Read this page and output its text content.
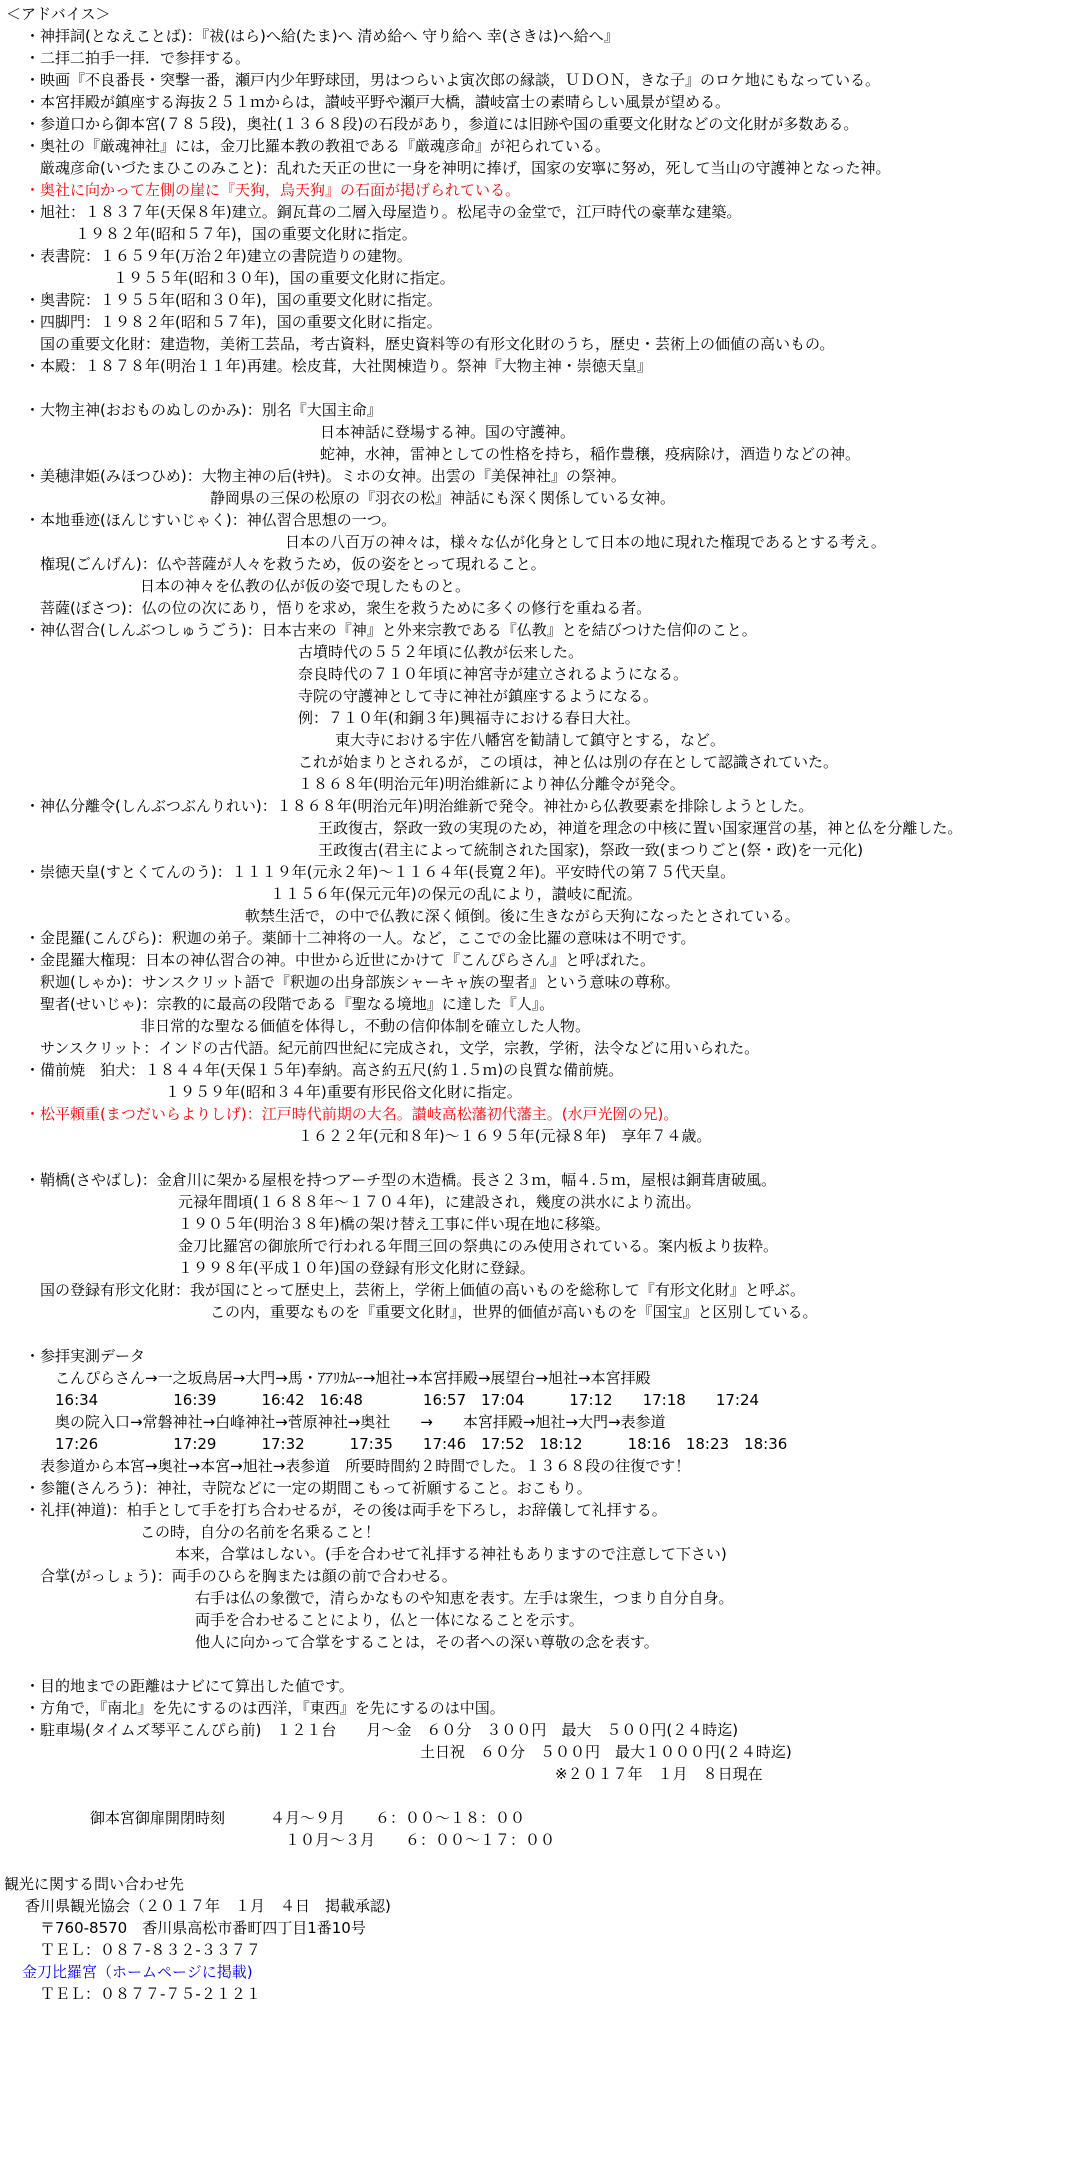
＜アドバイス＞
・神拝詞(となえことば)：『祓(はら)へ給(たま)へ 清め給へ 守り給へ 幸(さきは)へ給へ』
・二拝二拍手一拝．で参拝する。
・映画『不良番長・突撃一番，瀬戸内少年野球団，男はつらいよ寅次郎の縁談，ＵＤＯＮ，きな子』のロケ地にもなっている。
・本宮拝殿が鎮座する海抜２５１ｍからは，讃岐平野や瀬戸大橋，讃岐富士の素晴らしい風景が望める。
・参道口から御本宮(７８５段)，奥社(１３６８段)の石段があり，参道には旧跡や国の重要文化財などの文化財が多数ある。
・奥社の『厳魂神社』には，金刀比羅本教の教祖である『厳魂彦命』が祀られている。
厳魂彦命(いづたまひこのみこと)：乱れた天正の世に一身を神明に捧げ，国家の安寧に努め，死して当山の守護神となった神。
・奥社に向かって左側の崖に『天狗，烏天狗』の石面が掲げられている。
・旭社：１８３７年(天保８年)建立。銅瓦葺の二層入母屋造り。松尾寺の金堂で，江戸時代の豪華な建築。
１９８２年(昭和５７年)，国の重要文化財に指定。
・表書院：１６５９年(万治２年)建立の書院造りの建物。
１９５５年(昭和３０年)，国の重要文化財に指定。
・奥書院：１９５５年(昭和３０年)，国の重要文化財に指定。
・四脚門：１９８２年(昭和５７年)，国の重要文化財に指定。
国の重要文化財：建造物，美術工芸品，考古資料，歴史資料等の有形文化財のうち，歴史・芸術上の価値の高いもの。
・本殿：１８７８年(明治１１年)再建。桧皮葺，大社関棟造り。祭神『大物主神・崇徳天皇』
・大物主神(おおものぬしのかみ)：別名『大国主命』
日本神話に登場する神。国の守護神。
蛇神，水神，雷神としての性格を持ち，稲作豊穣，疫病除け，酒造りなどの神。
・美穂津姫(みほつひめ)：大物主神の后(ｷｻｷ)。ミホの女神。出雲の『美保神社』の祭神。
静岡県の三保の松原の『羽衣の松』神話にも深く関係している女神。
・本地垂迹(ほんじすいじゃく)：神仏習合思想の一つ。
日本の八百万の神々は，様々な仏が化身として日本の地に現れた権現であるとする考え。
権現(ごんげん)：仏や菩薩が人々を救うため，仮の姿をとって現れること。
日本の神々を仏教の仏が仮の姿で現したものと。
菩薩(ぼさつ)：仏の位の次にあり，悟りを求め，衆生を救うために多くの修行を重ねる者。
・神仏習合(しんぶつしゅうごう)：日本古来の『神』と外来宗教である『仏教』とを結びつけた信仰のこと。
古墳時代の５５２年頃に仏教が伝来した。
奈良時代の７１０年頃に神宮寺が建立されるようになる。
寺院の守護神として寺に神社が鎮座するようになる。
例：７１０年(和銅３年)興福寺における春日大社。
東大寺における宇佐八幡宮を勧請して鎮守とする，など。
これが始まりとされるが，この頃は，神と仏は別の存在として認識されていた。
１８６８年(明治元年)明治維新により神仏分離令が発令。
・神仏分離令(しんぶつぶんりれい)：１８６８年(明治元年)明治維新で発令。神社から仏教要素を排除しようとした。
王政復古，祭政一致の実現のため，神道を理念の中核に置い国家運営の基，神と仏を分離した。
王政復古(君主によって統制された国家)，祭政一致(まつりごと(祭・政)を一元化)
・崇徳天皇(すとくてんのう)：１１１９年(元永２年)～１１６４年(長寛２年)。平安時代の第７５代天皇。
１１５６年(保元元年)の保元の乱により，讃岐に配流。
軟禁生活で，の中で仏教に深く傾倒。後に生きながら天狗になったとされている。
・金毘羅(こんぴら)：釈迦の弟子。薬師十二神将の一人。など，ここでの金比羅の意味は不明です。
・金毘羅大権現：日本の神仏習合の神。中世から近世にかけて『こんぴらさん』と呼ばれた。
釈迦(しゃか)：サンスクリット語で『釈迦の出身部族シャーキャ族の聖者』という意味の尊称。
聖者(せいじゃ)：宗教的に最高の段階である『聖なる境地』に達した『人』。
非日常的な聖なる価値を体得し，不動の信仰体制を確立した人物。
サンスクリット：インドの古代語。紀元前四世紀に完成され，文学，宗教，学術，法令などに用いられた。
・備前焼　狛犬：１８４４年(天保１５年)奉納。高さ約五尺(約１.５ｍ)の良質な備前焼。
１９５９年(昭和３４年)重要有形民俗文化財に指定。
・松平頼重(まつだいらよりしげ)：江戸時代前期の大名。讃岐高松藩初代藩主。(水戸光圀の兄)。
１６２２年(元和８年)～１６９５年(元禄８年)　享年７４歳。
・鞘橋(さやばし)：金倉川に架かる屋根を持つアーチ型の木造橋。長さ２３ｍ，幅４.５ｍ，屋根は銅葺唐破風。
元禄年間頃(１６８８年～１７０４年)，に建設され，幾度の洪水により流出。
１９０５年(明治３８年)橋の架け替え工事に伴い現在地に移築。
金刀比羅宮の御旅所で行われる年間三回の祭典にのみ使用されている。案内板より抜粋。
１９９８年(平成１０年)国の登録有形文化財に登録。
国の登録有形文化財：我が国にとって歴史上，芸術上，学術上価値の高いものを総称して『有形文化財』と呼ぶ。
この内，重要なものを『重要文化財』，世界的価値が高いものを『国宝』と区別している。
・参拝実測データ
こんぴらさん→一之坂鳥居→大門→馬・ｱｱﾘｶﾑｰ→旭社→本宮拝殿→展望台→旭社→本宮拝殿
16:34　　　　　16:39　　　16:42　16:48　　　　16:57　17:04　　　17:12　　17:18　　17:24
奥の院入口→常磐神社→白峰神社→菅原神社→奥社　　→　　本宮拝殿→旭社→大門→表参道
17:26　　　　　17:29　　　17:32　　　17:35　　17:46　17:52　18:12　　　18:16　18:23　18:36
表参道から本宮→奥社→本宮→旭社→表参道　所要時間約２時間でした。１３６８段の往復です！
・参籠(さんろう)：神社，寺院などに一定の期間こもって祈願すること。おこもり。
・礼拝(神道)：柏手として手を打ち合わせるが，その後は両手を下ろし，お辞儀して礼拝する。
この時，自分の名前を名乗ること！
本来，合掌はしない。(手を合わせて礼拝する神社もありますので注意して下さい)
合掌(がっしょう)：両手のひらを胸または顔の前で合わせる。
右手は仏の象徴で，清らかなものや知恵を表す。左手は衆生，つまり自分自身。
両手を合わせることにより，仏と一体になることを示す。
他人に向かって合掌をすることは，その者への深い尊敬の念を表す。
・目的地までの距離はナビにて算出した値です。
・方角で，『南北』を先にするのは西洋，『東西』を先にするのは中国。
・駐車場(タイムズ琴平こんぴら前)　１２１台　　月～金　６０分　３００円　最大　５００円(２４時迄)
土日祝　６０分　５００円　最大１０００円(２４時迄)
※２０１７年　１月　８日現在
御本宮御扉開閉時刻　　　４月～９月　　６：００～１８：００
１０月～３月　　６：００～１７：００
観光に関する問い合わせ先
香川県観光協会（２０１７年　１月　４日　掲載承認)
〒760-8570　香川県高松市番町四丁目1番10号
ＴＥＬ：０８７-８３２-３３７７
金刀比羅宮（ホームページに掲載)
ＴＥＬ：０８７７-７５-２１２１
